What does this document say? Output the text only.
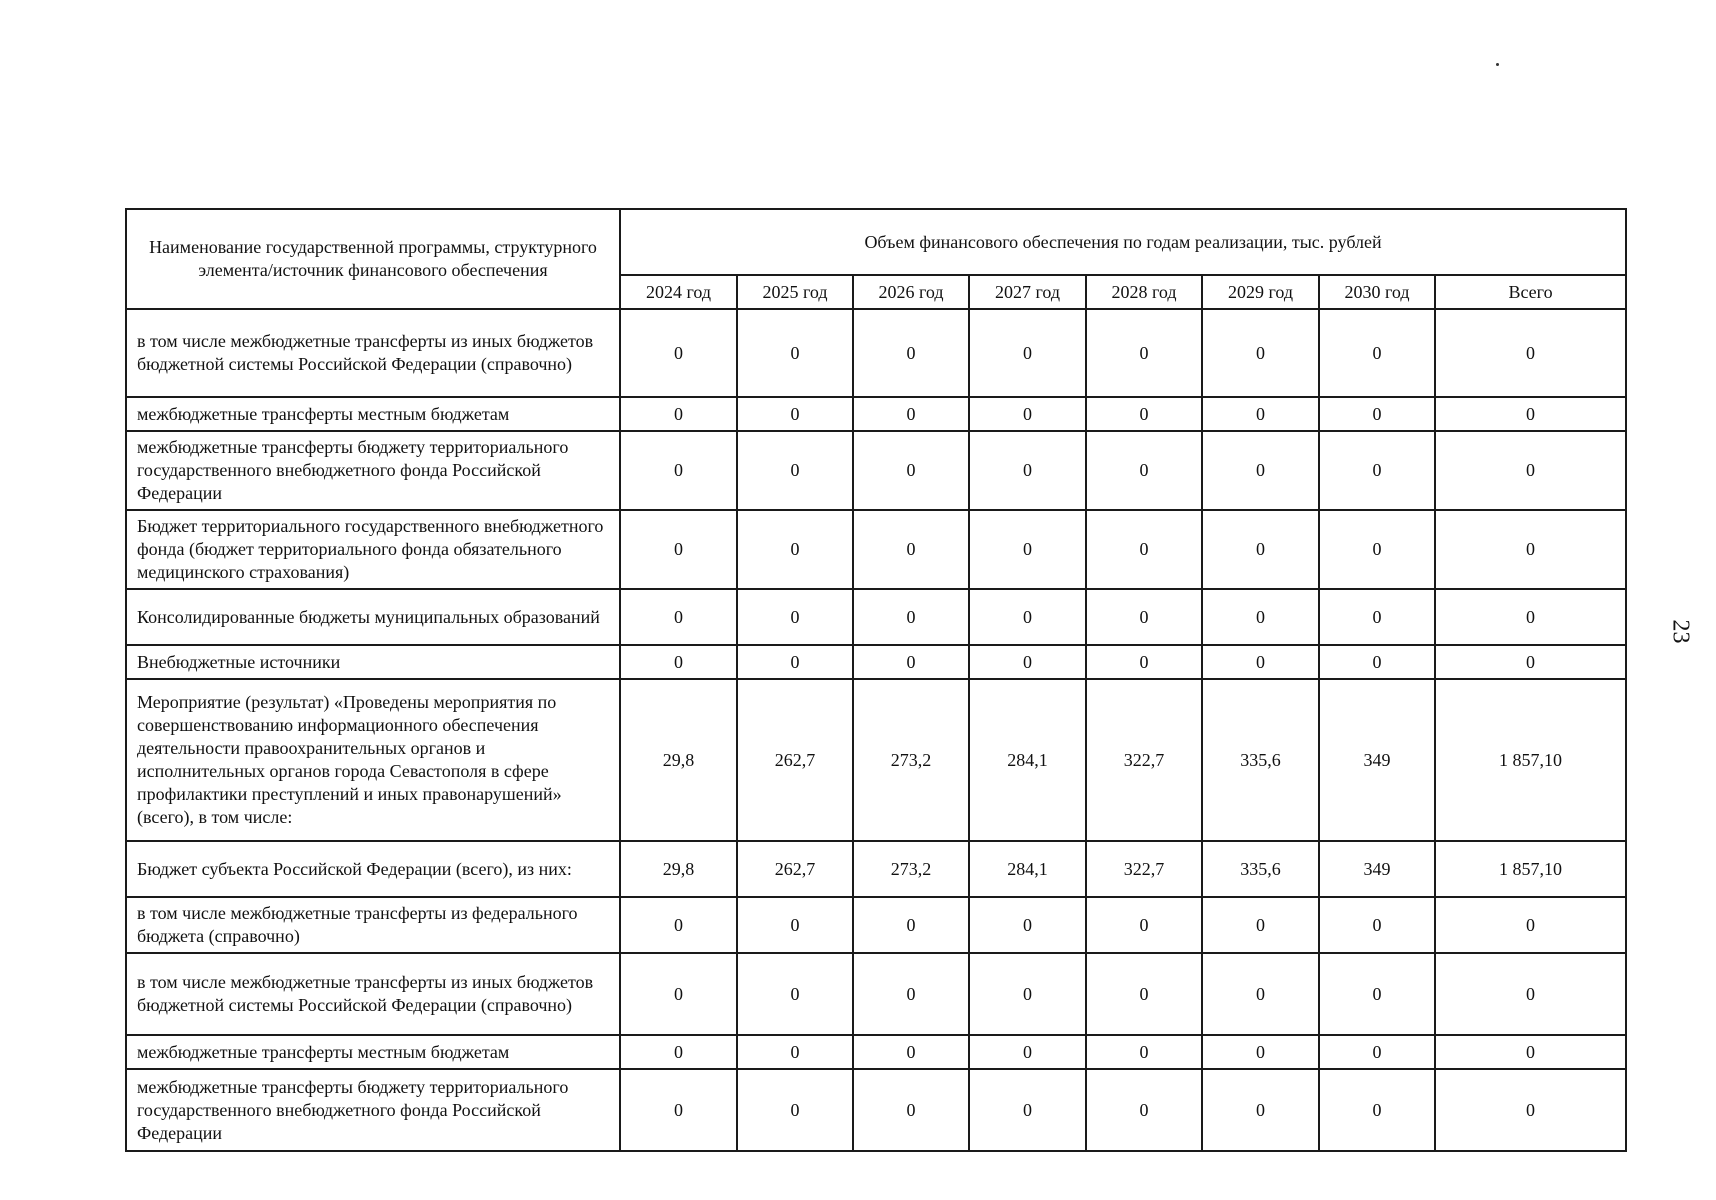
23
Наименование государственной программы, структурного элемента/источник финансового обеспечения	Объем финансового обеспечения по годам реализации, тыс. рублей							
	2024 год	2025 год	2026 год	2027 год	2028 год	2029 год	2030 год	Всего
в том числе межбюджетные трансферты из иных бюджетов бюджетной системы Российской Федерации (справочно)	0	0	0	0	0	0	0	0
межбюджетные трансферты местным бюджетам	0	0	0	0	0	0	0	0
межбюджетные трансферты бюджету территориального государственного внебюджетного фонда Российской Федерации	0	0	0	0	0	0	0	0
Бюджет территориального государственного внебюджетного фонда (бюджет территориального фонда обязательного медицинского страхования)	0	0	0	0	0	0	0	0
Консолидированные бюджеты муниципальных образований	0	0	0	0	0	0	0	0
Внебюджетные источники	0	0	0	0	0	0	0	0
Мероприятие (результат) «Проведены мероприятия по совершенствованию информационного обеспечения деятельности правоохранительных органов и исполнительных органов города Севастополя в сфере профилактики преступлений и иных правонарушений» (всего), в том числе:	29,8	262,7	273,2	284,1	322,7	335,6	349	1 857,10
Бюджет субъекта Российской Федерации (всего), из них:	29,8	262,7	273,2	284,1	322,7	335,6	349	1 857,10
в том числе межбюджетные трансферты из федерального бюджета (справочно)	0	0	0	0	0	0	0	0
в том числе межбюджетные трансферты из иных бюджетов бюджетной системы Российской Федерации (справочно)	0	0	0	0	0	0	0	0
межбюджетные трансферты местным бюджетам	0	0	0	0	0	0	0	0
межбюджетные трансферты бюджету территориального государственного внебюджетного фонда Российской Федерации	0	0	0	0	0	0	0	0
